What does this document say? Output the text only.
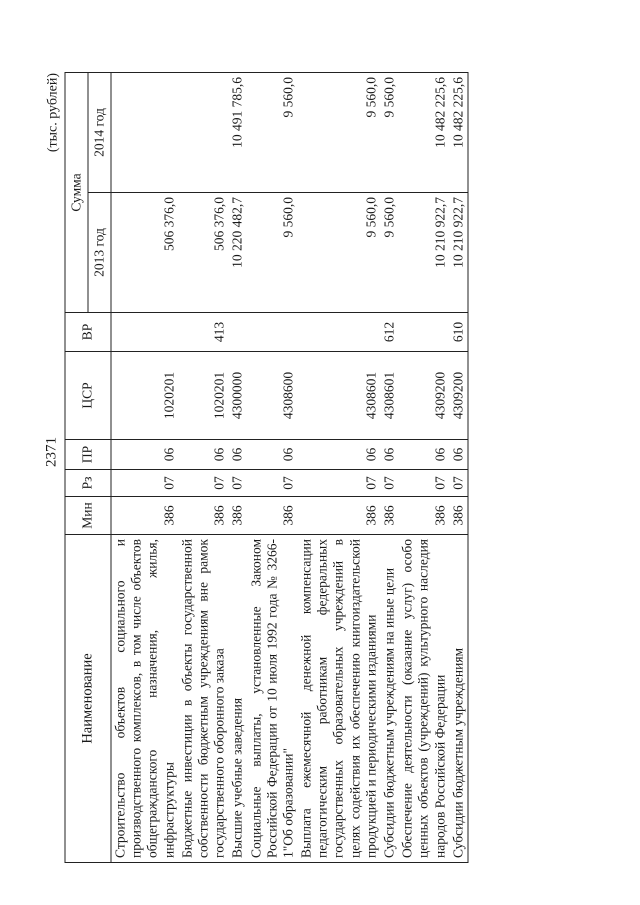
2371
(тыс. рублей)
Наименование	Мин	Рз	ПР	ЦСР	ВР	Сумма	
						2013 год	2014 год
Строительство объектов социального и производственного комплексов, в том числе объектов общегражданского назначения, жилья, инфраструктуры	386	07	06	1020201		506 376,0	
Бюджетные инвестиции в объекты государственной собственности бюджетным учреждениям вне рамок государственного оборонного заказа	386	07	06	1020201	413	506 376,0	
Высшие учебные заведения	386	07	06	4300000		10 220 482,7	10 491 785,6
Социальные выплаты, установленные Законом Российской Федерации от 10 июля 1992 года № 3266-1"Об образовании"	386	07	06	4308600		9 560,0	9 560,0
Выплата ежемесячной денежной компенсации педагогическим работникам федеральных государственных образовательных учреждений в целях содействия их обеспечению книгоиздательской продукцией и периодическими изданиями	386	07	06	4308601		9 560,0	9 560,0
Субсидии бюджетным учреждениям на иные цели	386	07	06	4308601	612	9 560,0	9 560,0
Обеспечение деятельности (оказание услуг) особо ценных объектов (учреждений) культурного наследия народов Российской Федерации	386	07	06	4309200		10 210 922,7	10 482 225,6
Субсидии бюджетным учреждениям	386	07	06	4309200	610	10 210 922,7	10 482 225,6
